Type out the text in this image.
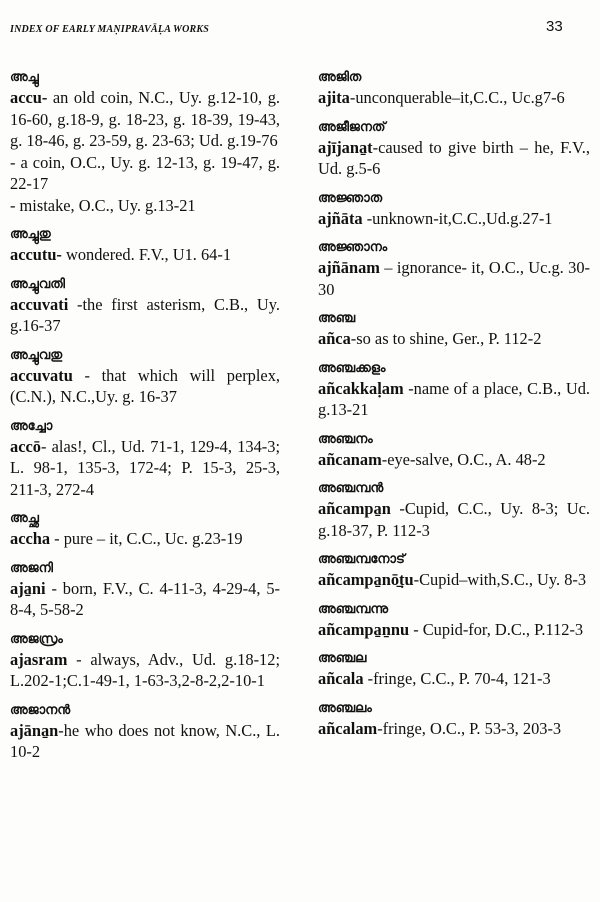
INDEX OF EARLY MAṆIPRAVĀḶA WORKS	33
അച്ചു
accu- an old coin, N.C., Uy. g.12-10, g. 16-60, g.18-9, g. 18-23, g. 18-39, 19-43, g. 18-46, g. 23-59, g. 23-63; Ud. g.19-76
- a coin, O.C., Uy. g. 12-13, g. 19-47, g. 22-17
- mistake, O.C., Uy. g.13-21
അച്ചുതു
accutu- wondered. F.V., U1. 64-1
അച്ചുവതി
accuvati -the first asterism, C.B., Uy. g.16-37
അച്ചുവതു
accuvatu - that which will perplex, (C.N.), N.C.,Uy. g. 16-37
അച്ചോ
accō- alas!, Cl., Ud. 71-1, 129-4, 134-3; L. 98-1, 135-3, 172-4; P. 15-3, 25-3, 211-3, 272-4
അച്ഛ
accha - pure – it, C.C., Uc. g.23-19
അജനി
aja̱ni - born, F.V., C. 4-11-3, 4-29-4, 5-8-4, 5-58-2
അജസ്രം
ajasram - always, Adv., Ud. g.18-12; L.202-1;C.1-49-1, 1-63-3,2-8-2,2-10-1
അജാനൻ
ajāna̱n-he who does not know, N.C., L. 10-2
അജിത
ajita-unconquerable–it,C.C., Uc.g7-6
അജീജനത്
ajījana̱t-caused to give birth – he, F.V., Ud. g.5-6
അജ്ഞാത
ajñāta -unknown-it,C.C.,Ud.g.27-1
അജ്ഞാനം
ajñānam – ignorance- it, O.C., Uc.g. 30-30
അഞ്ച
añca-so as to shine, Ger., P. 112-2
അഞ്ചക്കളം
añcakkaḷam -name of a place, C.B., Ud. g.13-21
അഞ്ചനം
añcanam-eye-salve, O.C., A. 48-2
അഞ്ചമ്പൻ
añcampa̱n -Cupid, C.C., Uy. 8-3; Uc. g.18-37, P. 112-3
അഞ്ചമ്പനോട്
añcampa̱nō̱ṭu-Cupid–with,S.C., Uy. 8-3
അഞ്ചമ്പന്നു
añcampa̱ṉnu - Cupid-for, D.C., P.112-3
അഞ്ചല
añcala -fringe, C.C., P. 70-4, 121-3
അഞ്ചലം
añcalam-fringe, O.C., P. 53-3, 203-3
